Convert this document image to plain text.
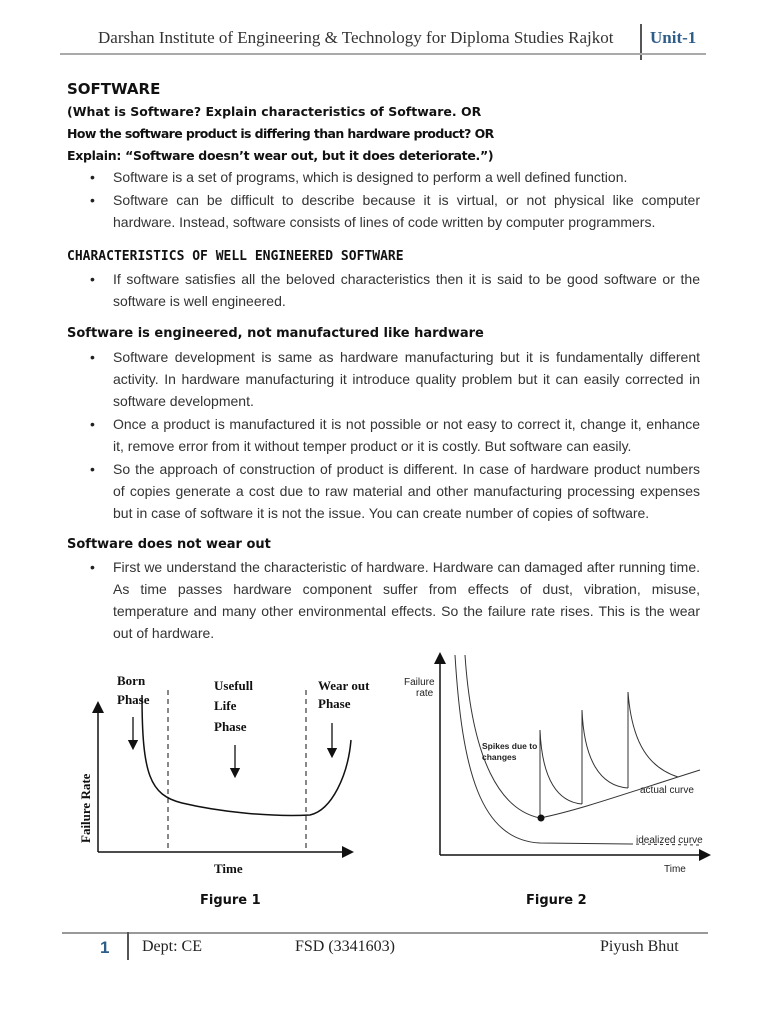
Darshan Institute of Engineering & Technology for Diploma Studies Rajkot Unit-1
SOFTWARE
(What is Software? Explain characteristics of Software. OR
How the software product is differing than hardware product? OR
Explain: “Software doesn’t wear out, but it does deteriorate.”)
• Software is a set of programs, which is designed to perform a well defined function.
• Software can be difficult to describe because it is virtual, or not physical like computer hardware. Instead, software consists of lines of code written by computer programmers.
CHARACTERISTICS OF WELL ENGINEERED SOFTWARE
• If software satisfies all the beloved characteristics then it is said to be good software or the software is well engineered.
Software is engineered, not manufactured like hardware
• Software development is same as hardware manufacturing but it is fundamentally different activity. In hardware manufacturing it introduce quality problem but it can easily corrected in software development.
• Once a product is manufactured it is not possible or not easy to correct it, change it, enhance it, remove error from it without temper product or it is costly. But software can easily.
• So the approach of construction of product is different. In case of hardware product numbers of copies generate a cost due to raw material and other manufacturing processing expenses but in case of software it is not the issue. You can create number of copies of software.
Software does not wear out
• First we understand the characteristic of hardware. Hardware can damaged after running time. As time passes hardware component suffer from effects of dust, vibration, misuse, temperature and many other environmental effects. So the failure rate rises. This is the wear out of hardware.
Born
Phase
Usefull
Life
Phase
Wear out
Phase
Time
Failure Rate
Failure
rate
Spikes due to
changes
actual curve
idealized curve
Time
Figure 1	Figure 2
1 Dept: CE	FSD (3341603)	Piyush Bhut
